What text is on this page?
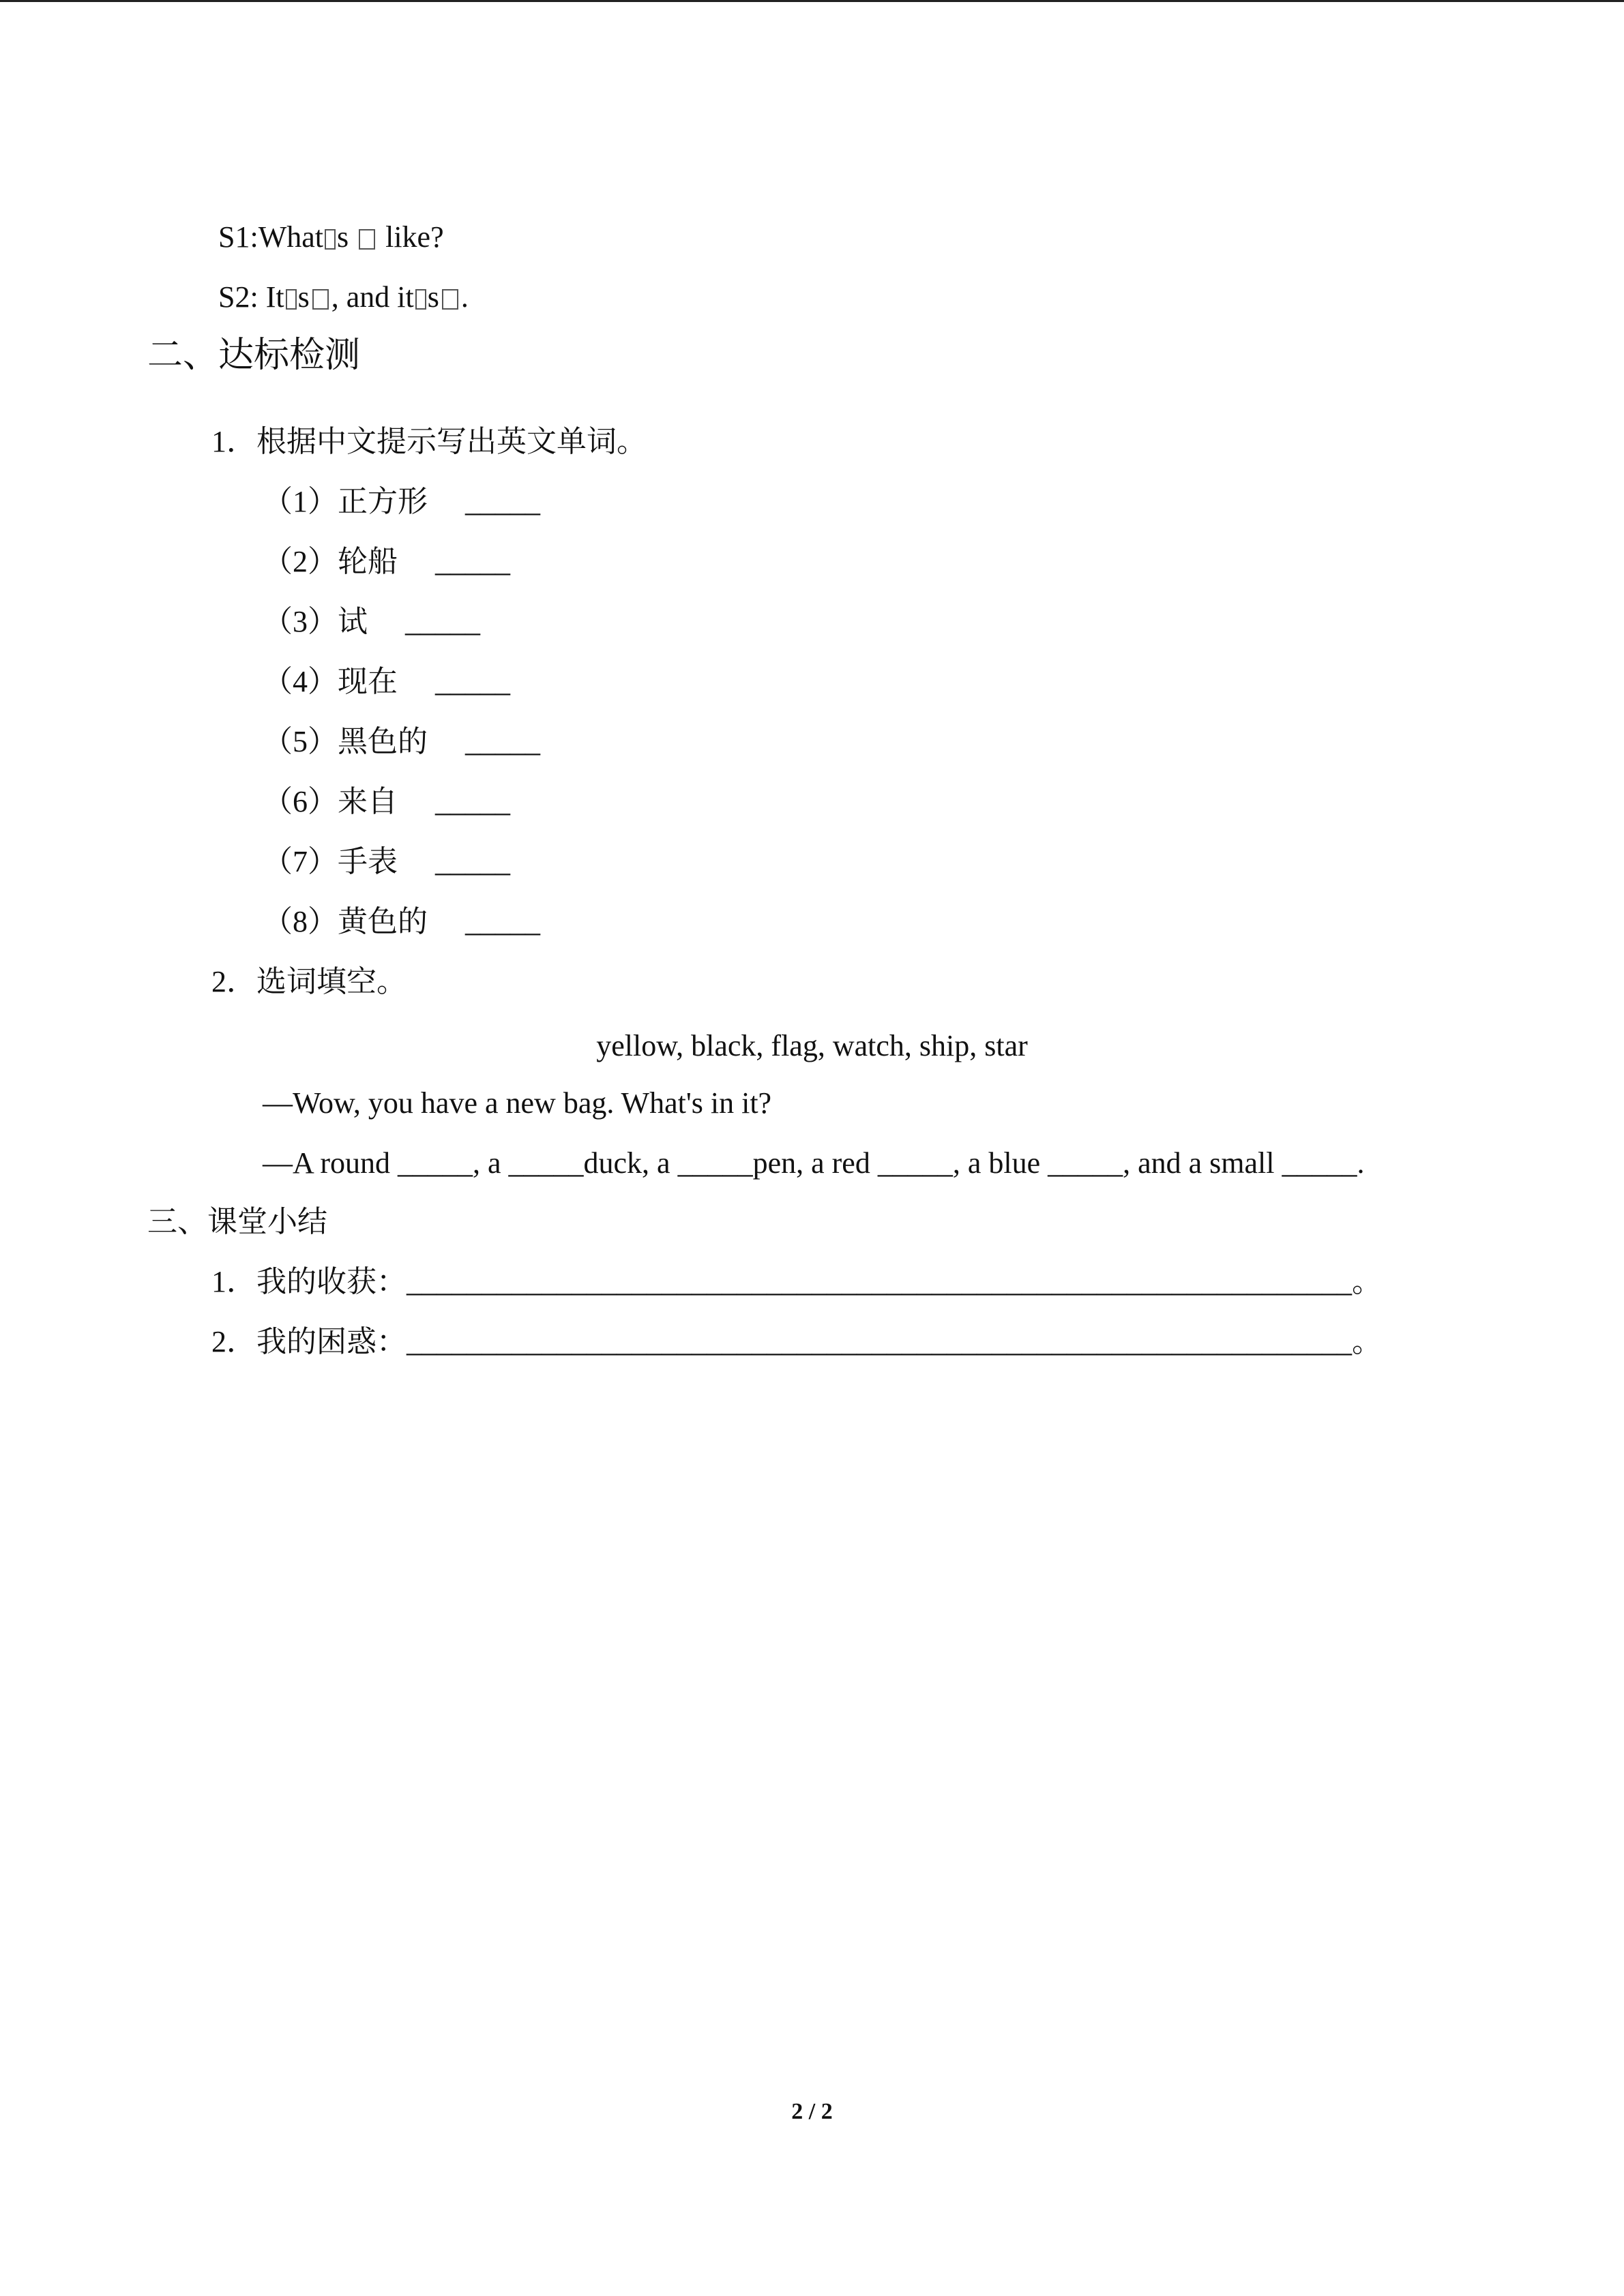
S1:What s like?
S2: It s , and it s .
二、达标检测
1．根据中文提示写出英文单词。
（1）正方形　 _____
（2）轮船　 _____
（3）试　 _____
（4）现在　 _____
（5）黑色的　 _____
（6）来自　 _____
（7）手表　 _____
（8）黄色的　 _____
2．选词填空。
yellow, black, flag, watch, ship, star
—Wow, you have a new bag. What's in it?
—A round _____, a _____duck, a _____pen, a red _____, a blue _____, and a small _____.
三、课堂小结
1．我的收获：_______________________________________________________________。
2．我的困惑：_______________________________________________________________。
2 / 2
